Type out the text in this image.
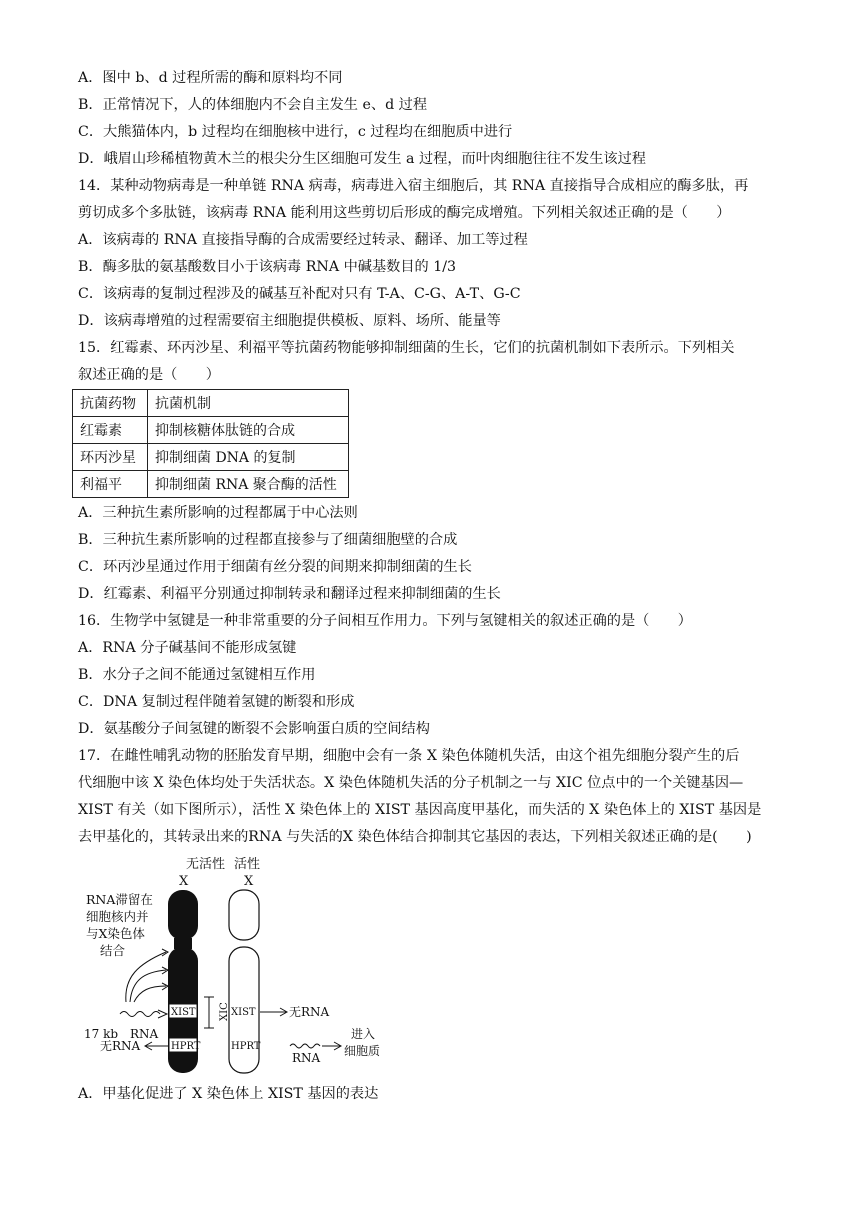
A．图中 b、d 过程所需的酶和原料均不同
B．正常情况下，人的体细胞内不会自主发生 e、d 过程
C．大熊猫体内，b 过程均在细胞核中进行，c 过程均在细胞质中进行
D．峨眉山珍稀植物黄木兰的根尖分生区细胞可发生 a 过程，而叶肉细胞往往不发生该过程
14．某种动物病毒是一种单链 RNA 病毒，病毒进入宿主细胞后，其 RNA 直接指导合成相应的酶多肽，再
剪切成多个多肽链，该病毒 RNA 能利用这些剪切后形成的酶完成增殖。下列相关叙述正确的是（　　）
A．该病毒的 RNA 直接指导酶的合成需要经过转录、翻译、加工等过程
B．酶多肽的氨基酸数目小于该病毒 RNA 中碱基数目的 1/3
C．该病毒的复制过程涉及的碱基互补配对只有 T-A、C-G、A-T、G-C
D．该病毒增殖的过程需要宿主细胞提供模板、原料、场所、能量等
15．红霉素、环丙沙星、利福平等抗菌药物能够抑制细菌的生长，它们的抗菌机制如下表所示。下列相关
叙述正确的是（　　）
抗菌药物	抗菌机制
红霉素	抑制核糖体肽链的合成
环丙沙星	抑制细菌 DNA 的复制
利福平	抑制细菌 RNA 聚合酶的活性
A．三种抗生素所影响的过程都属于中心法则
B．三种抗生素所影响的过程都直接参与了细菌细胞壁的合成
C．环丙沙星通过作用于细菌有丝分裂的间期来抑制细菌的生长
D．红霉素、利福平分别通过抑制转录和翻译过程来抑制细菌的生长
16．生物学中氢键是一种非常重要的分子间相互作用力。下列与氢键相关的叙述正确的是（　　）
A．RNA 分子碱基间不能形成氢键
B．水分子之间不能通过氢键相互作用
C．DNA 复制过程伴随着氢键的断裂和形成
D．氨基酸分子间氢键的断裂不会影响蛋白质的空间结构
17．在雌性哺乳动物的胚胎发育早期，细胞中会有一条 X 染色体随机失活，由这个祖先细胞分裂产生的后
代细胞中该 X 染色体均处于失活状态。X 染色体随机失活的分子机制之一与 XIC 位点中的一个关键基因—
XIST 有关（如下图所示），活性 X 染色体上的 XIST 基因高度甲基化，而失活的 X 染色体上的 XIST 基因是
去甲基化的，其转录出来的RNA 与失活的X 染色体结合抑制其它基因的表达，下列相关叙述正确的是(　　)
无活性
X
活性
X
RNA滞留在
细胞核内并
与X染色体
结合
XIST
HPRT
XIST
HPRT
XIC
17 kb RNA
无RNA
无RNA
RNA
进入
细胞质
A．甲基化促进了 X 染色体上 XIST 基因的表达
